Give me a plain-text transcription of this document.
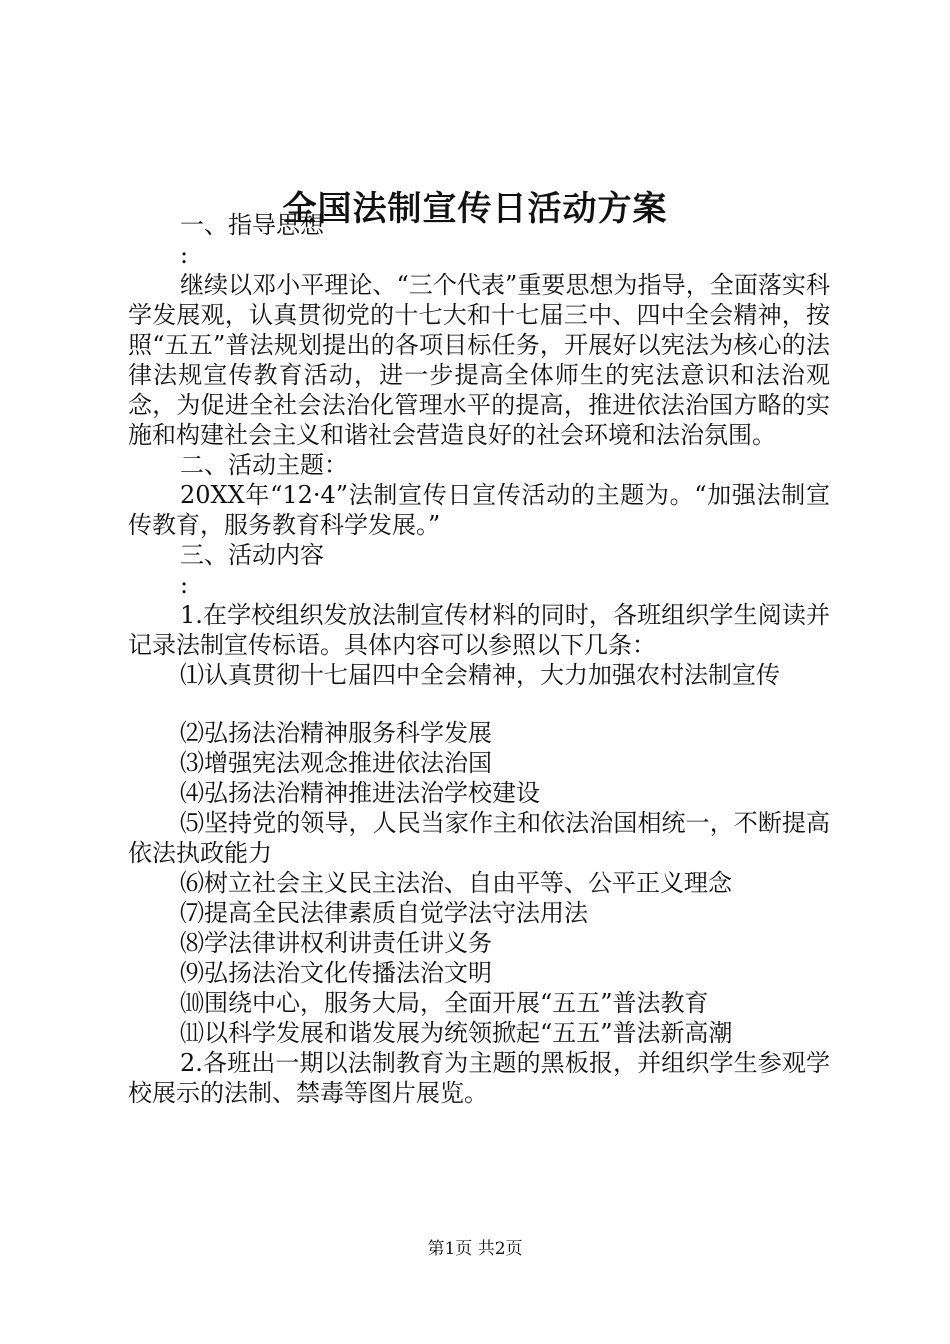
全国法制宣传日活动方案

一、指导思想

:

继续以邓小平理论、“三个代表”重要思想为指导，全面落实科学发展观，认真贯彻党的十七大和十七届三中、四中全会精神，按照“五五”普法规划提出的各项目标任务，开展好以宪法为核心的法律法规宣传教育活动，进一步提高全体师生的宪法意识和法治观念，为促进全社会法治化管理水平的提高，推进依法治国方略的实施和构建社会主义和谐社会营造良好的社会环境和法治氛围。

二、活动主题：

20XX年“12·4”法制宣传日宣传活动的主题为。“加强法制宣传教育，服务教育科学发展。”

三、活动内容

:

1.在学校组织发放法制宣传材料的同时，各班组织学生阅读并记录法制宣传标语。具体内容可以参照以下几条：

⑴认真贯彻十七届四中全会精神，大力加强农村法制宣传

⑵弘扬法治精神服务科学发展

⑶增强宪法观念推进依法治国

⑷弘扬法治精神推进法治学校建设

⑸坚持党的领导，人民当家作主和依法治国相统一，不断提高依法执政能力

⑹树立社会主义民主法治、自由平等、公平正义理念

⑺提高全民法律素质自觉学法守法用法

⑻学法律讲权利讲责任讲义务

⑼弘扬法治文化传播法治文明

⑽围绕中心，服务大局，全面开展“五五”普法教育

⑾以科学发展和谐发展为统领掀起“五五”普法新高潮

2.各班出一期以法制教育为主题的黑板报，并组织学生参观学校展示的法制、禁毒等图片展览。

第1页 共2页
